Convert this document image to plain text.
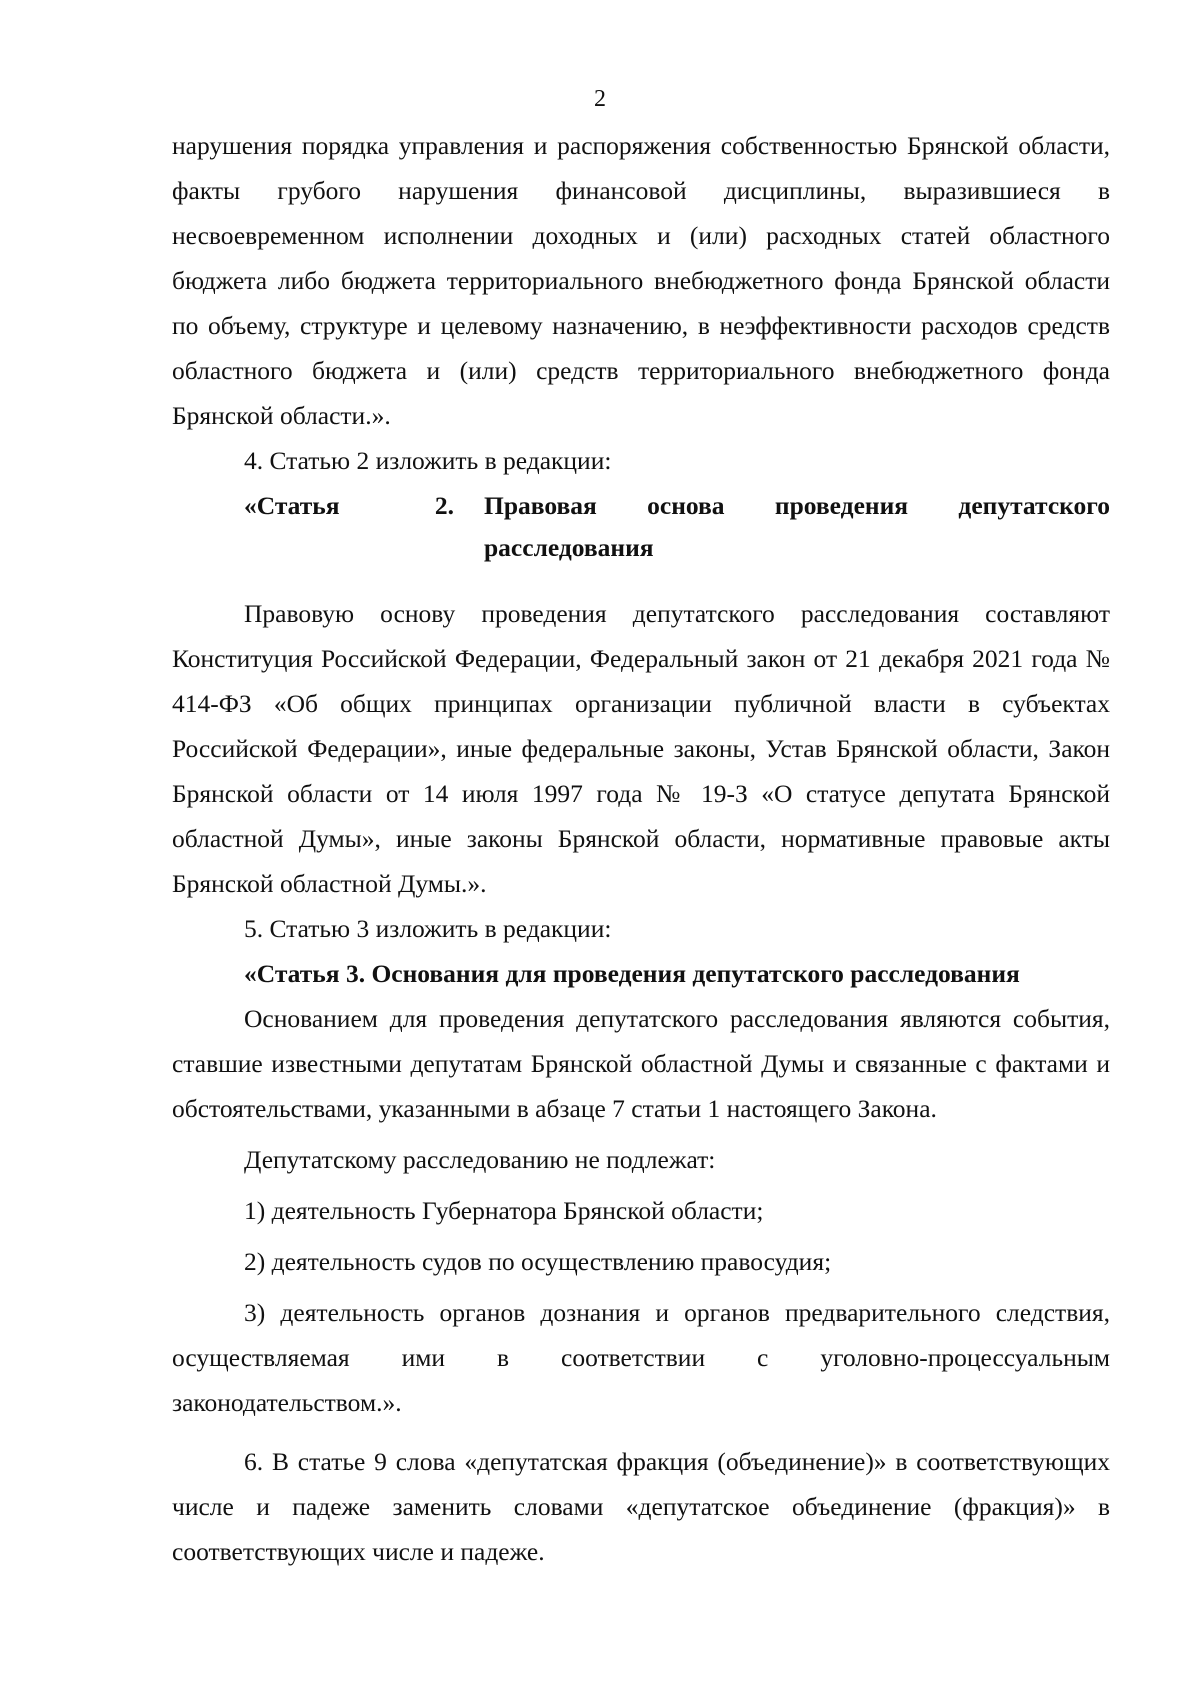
2

нарушения порядка управления и распоряжения собственностью Брянской области, факты грубого нарушения финансовой дисциплины, выразившиеся в несвоевременном исполнении доходных и (или) расходных статей областного бюджета либо бюджета территориального внебюджетного фонда Брянской области по объему, структуре и целевому назначению, в неэффективности расходов средств областного бюджета и (или) средств территориального внебюджетного фонда Брянской области.».

4. Статью 2 изложить в редакции:

«Статья	2. Правовая основа проведения депутатского
расследования

Правовую основу проведения депутатского расследования составляют Конституция Российской Федерации, Федеральный закон от 21 декабря 2021 года № 414-ФЗ «Об общих принципах организации публичной власти в субъектах Российской Федерации», иные федеральные законы, Устав Брянской области, Закон Брянской области от 14 июля 1997 года № 19-З «О статусе депутата Брянской областной Думы», иные законы Брянской области, нормативные правовые акты Брянской областной Думы.».

5. Статью 3 изложить в редакции:

«Статья 3. Основания для проведения депутатского расследования

Основанием для проведения депутатского расследования являются события, ставшие известными депутатам Брянской областной Думы и связанные с фактами и обстоятельствами, указанными в абзаце 7 статьи 1 настоящего Закона.

Депутатскому расследованию не подлежат:

1) деятельность Губернатора Брянской области;

2) деятельность судов по осуществлению правосудия;

3) деятельность органов дознания и органов предварительного следствия, осуществляемая ими в соответствии с уголовно-процессуальным законодательством.».

6. В статье 9 слова «депутатская фракция (объединение)» в соответствующих числе и падеже заменить словами «депутатское объединение (фракция)» в соответствующих числе и падеже.
